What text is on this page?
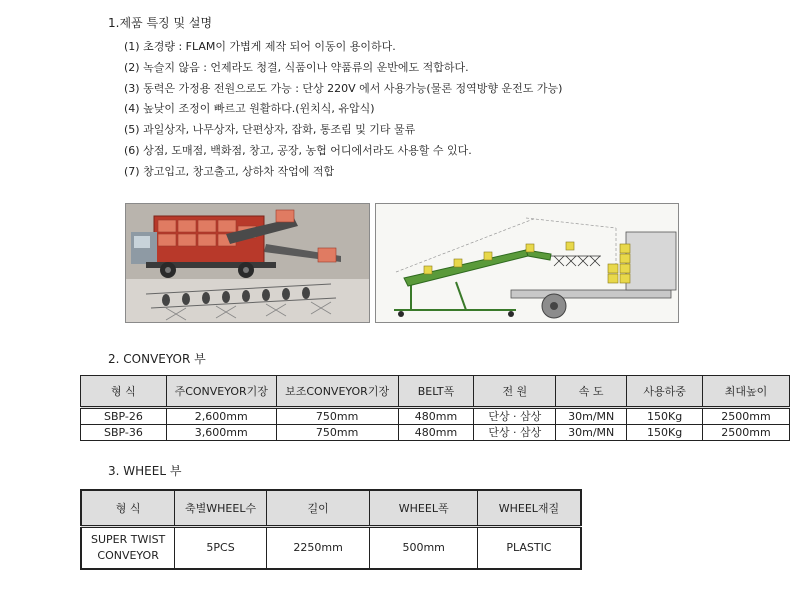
1.제품 특징 및 설명
(1) 초경량 : FLAM이 가볍게 제작 되어 이동이 용이하다.
(2) 녹슬지 않음 : 언제라도 청결, 식품이나 약품류의 운반에도 적합하다.
(3) 동력은 가정용 전원으로도 가능 : 단상 220V 에서 사용가능(물론 정역방향 운전도 가능)
(4) 높낮이 조정이 빠르고 원활하다.(윈치식, 유압식)
(5) 과일상자, 나무상자, 단편상자, 잡화, 통조림 및 기타 물류
(6) 상점, 도매점, 백화점, 창고, 공장, 농협 어디에서라도 사용할 수 있다.
(7) 창고입고, 창고출고, 상하차 작업에 적합
2. CONVEYOR 부
형 식	주CONVEYOR기장	보조CONVEYOR기장	BELT폭	전 원	속 도	사용하중	최대높이
SBP-26	2,600mm	750mm	480mm	단상 · 삼상	30m/MN	150Kg	2500mm
SBP-36	3,600mm	750mm	480mm	단상 · 삼상	30m/MN	150Kg	2500mm
3. WHEEL 부
형 식	축별WHEEL수	길이	WHEEL폭	WHEEL재질
SUPER TWIST CONVEYOR	5PCS	2250mm	500mm	PLASTIC
